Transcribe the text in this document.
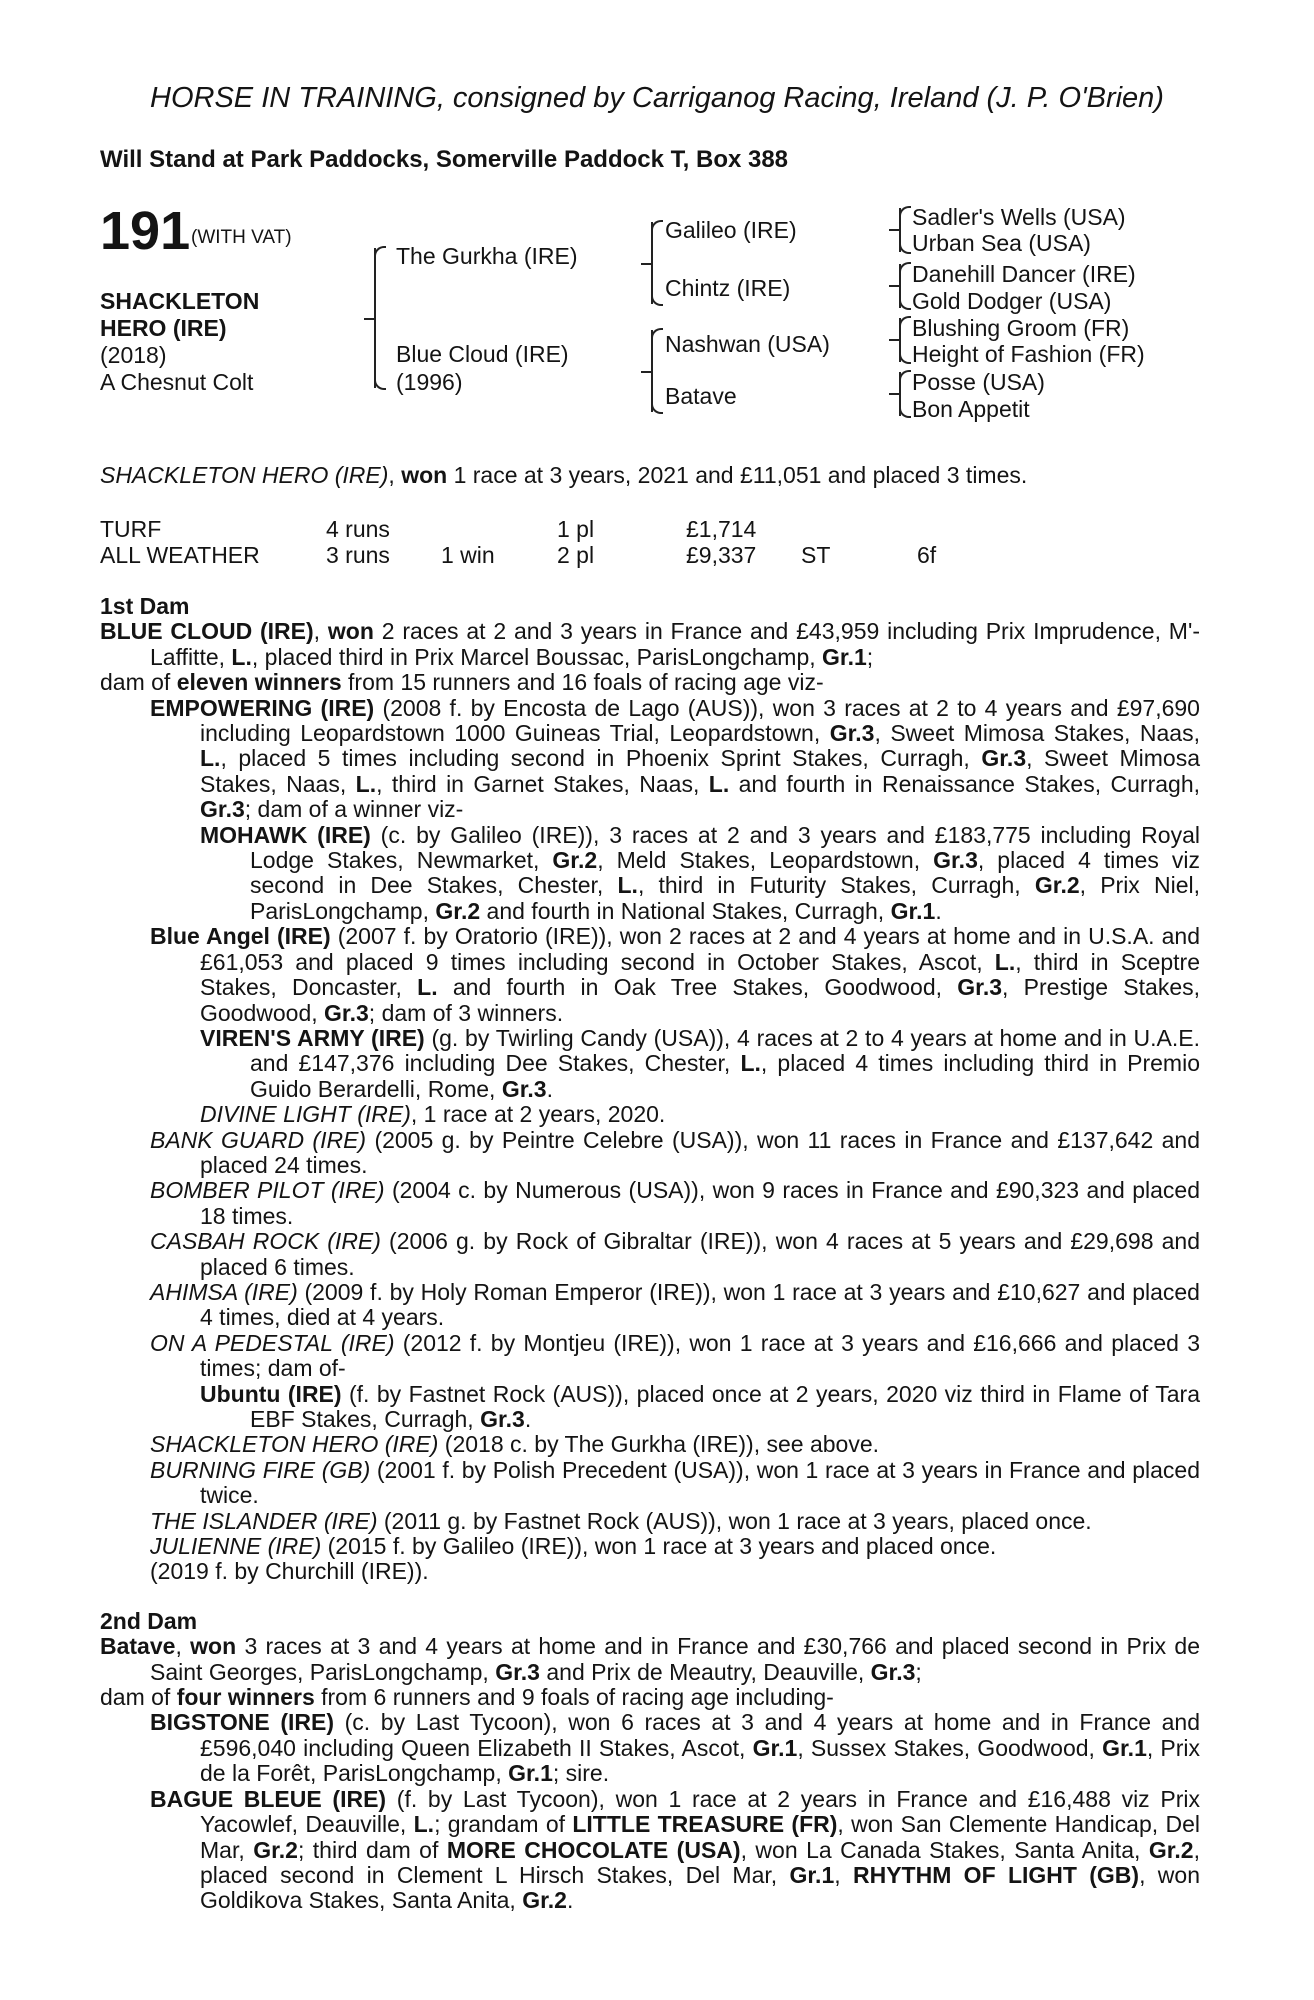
HORSE IN TRAINING, consigned by Carriganog Racing, Ireland (J. P. O'Brien)
Will Stand at Park Paddocks, Somerville Paddock T, Box 388
191 (WITH VAT)
SHACKLETON
HERO (IRE)
(2018)
A Chesnut Colt
The Gurkha (IRE)
Blue Cloud (IRE)
(1996)
Galileo (IRE)
Chintz (IRE)
Nashwan (USA)
Batave
Sadler's Wells (USA)
Urban Sea (USA)
Danehill Dancer (IRE)
Gold Dodger (USA)
Blushing Groom (FR)
Height of Fashion (FR)
Posse (USA)
Bon Appetit
SHACKLETON HERO (IRE), won 1 race at 3 years, 2021 and £11,051 and placed 3 times.
TURF	4 runs	1 pl	£1,714
ALL WEATHER	3 runs 1 win	2 pl	£9,337 ST	6f

1st Dam

BLUE CLOUD (IRE), won 2 races at 2 and 3 years in France and £43,959 including Prix Imprudence, M'-Laffitte, L., placed third in Prix Marcel Boussac, ParisLongchamp, Gr.1;

dam of eleven winners from 15 runners and 16 foals of racing age viz-

EMPOWERING (IRE) (2008 f. by Encosta de Lago (AUS)), won 3 races at 2 to 4 years and £97,690 including Leopardstown 1000 Guineas Trial, Leopardstown, Gr.3, Sweet Mimosa Stakes, Naas, L., placed 5 times including second in Phoenix Sprint Stakes, Curragh, Gr.3, Sweet Mimosa Stakes, Naas, L., third in Garnet Stakes, Naas, L. and fourth in Renaissance Stakes, Curragh, Gr.3; dam of a winner viz-

MOHAWK (IRE) (c. by Galileo (IRE)), 3 races at 2 and 3 years and £183,775 including Royal Lodge Stakes, Newmarket, Gr.2, Meld Stakes, Leopardstown, Gr.3, placed 4 times viz second in Dee Stakes, Chester, L., third in Futurity Stakes, Curragh, Gr.2, Prix Niel, ParisLongchamp, Gr.2 and fourth in National Stakes, Curragh, Gr.1.

Blue Angel (IRE) (2007 f. by Oratorio (IRE)), won 2 races at 2 and 4 years at home and in U.S.A. and £61,053 and placed 9 times including second in October Stakes, Ascot, L., third in Sceptre Stakes, Doncaster, L. and fourth in Oak Tree Stakes, Goodwood, Gr.3, Prestige Stakes, Goodwood, Gr.3; dam of 3 winners.

VIREN'S ARMY (IRE) (g. by Twirling Candy (USA)), 4 races at 2 to 4 years at home and in U.A.E. and £147,376 including Dee Stakes, Chester, L., placed 4 times including third in Premio Guido Berardelli, Rome, Gr.3.

DIVINE LIGHT (IRE), 1 race at 2 years, 2020.

BANK GUARD (IRE) (2005 g. by Peintre Celebre (USA)), won 11 races in France and £137,642 and placed 24 times.

BOMBER PILOT (IRE) (2004 c. by Numerous (USA)), won 9 races in France and £90,323 and placed 18 times.

CASBAH ROCK (IRE) (2006 g. by Rock of Gibraltar (IRE)), won 4 races at 5 years and £29,698 and placed 6 times.

AHIMSA (IRE) (2009 f. by Holy Roman Emperor (IRE)), won 1 race at 3 years and £10,627 and placed 4 times, died at 4 years.

ON A PEDESTAL (IRE) (2012 f. by Montjeu (IRE)), won 1 race at 3 years and £16,666 and placed 3 times; dam of-

Ubuntu (IRE) (f. by Fastnet Rock (AUS)), placed once at 2 years, 2020 viz third in Flame of Tara EBF Stakes, Curragh, Gr.3.

SHACKLETON HERO (IRE) (2018 c. by The Gurkha (IRE)), see above.

BURNING FIRE (GB) (2001 f. by Polish Precedent (USA)), won 1 race at 3 years in France and placed twice.

THE ISLANDER (IRE) (2011 g. by Fastnet Rock (AUS)), won 1 race at 3 years, placed once.

JULIENNE (IRE) (2015 f. by Galileo (IRE)), won 1 race at 3 years and placed once.

(2019 f. by Churchill (IRE)).

2nd Dam

Batave, won 3 races at 3 and 4 years at home and in France and £30,766 and placed second in Prix de Saint Georges, ParisLongchamp, Gr.3 and Prix de Meautry, Deauville, Gr.3;

dam of four winners from 6 runners and 9 foals of racing age including-

BIGSTONE (IRE) (c. by Last Tycoon), won 6 races at 3 and 4 years at home and in France and £596,040 including Queen Elizabeth II Stakes, Ascot, Gr.1, Sussex Stakes, Goodwood, Gr.1, Prix de la Forêt, ParisLongchamp, Gr.1; sire.

BAGUE BLEUE (IRE) (f. by Last Tycoon), won 1 race at 2 years in France and £16,488 viz Prix Yacowlef, Deauville, L.; grandam of LITTLE TREASURE (FR), won San Clemente Handicap, Del Mar, Gr.2; third dam of MORE CHOCOLATE (USA), won La Canada Stakes, Santa Anita, Gr.2, placed second in Clement L Hirsch Stakes, Del Mar, Gr.1, RHYTHM OF LIGHT (GB), won Goldikova Stakes, Santa Anita, Gr.2.
